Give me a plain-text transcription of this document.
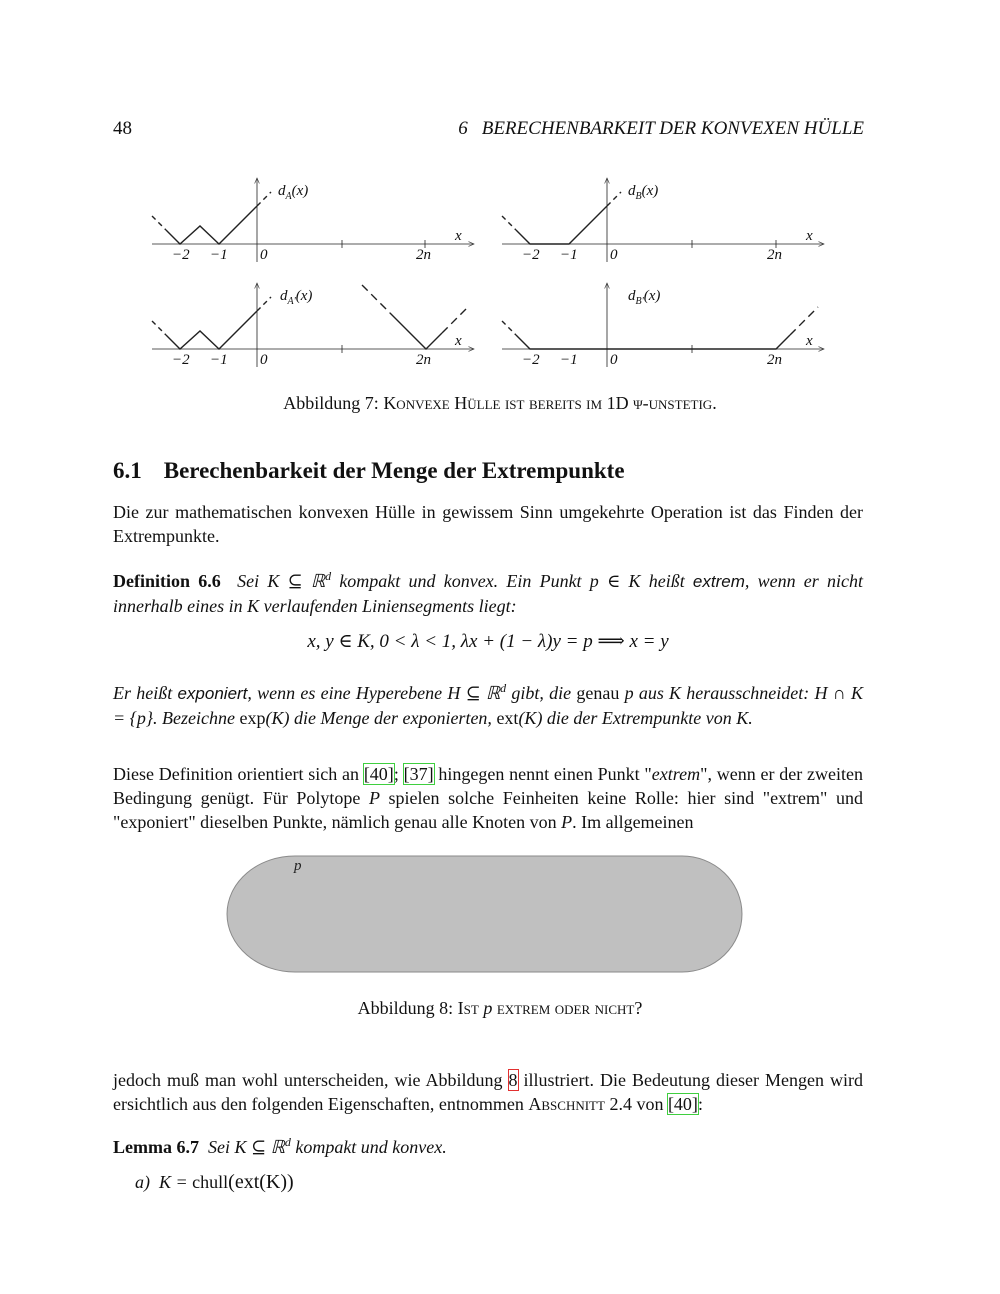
48	6 BERECHENBARKEIT DER KONVEXEN HÜLLE
$d_A(x)$	$d_B(x)$
$d_{A'}(x)$	$d_{B'}(x)$
x	x
x	x
−2 −1 0	2n	−2 −1 0	2n
−2 −1 0	2n	−2 −1 0	2n
Abbildung 7: Konvexe Hülle ist bereits im 1D ψ-unstetig.
6.1 Berechenbarkeit der Menge der Extrempunkte
Die zur mathematischen konvexen Hülle in gewissem Sinn umgekehrte Operation ist das Finden der Extrempunkte.
Definition 6.6 Sei K ⊆ ℝ$^d$ kompakt und konvex. Ein Punkt p ∈ K heißt extrem, wenn er nicht innerhalb eines in K verlaufenden Liniensegments liegt:
x, y ∈ K, 0 < λ < 1, λx + (1 − λ)y = p ⟹ x = y
Er heißt exponiert, wenn es eine Hyperebene H ⊆ ℝ$^d$ gibt, die genau p aus K herausschneidet: H ∩ K = {p}. Bezeichne exp(K) die Menge der exponierten, ext(K) die der Extrempunkte von K.
Diese Definition orientiert sich an [40]; [37] hingegen nennt einen Punkt "extrem", wenn er der zweiten Bedingung genügt. Für Polytope P spielen solche Feinheiten keine Rolle: hier sind "extrem" und "exponiert" dieselben Punkte, nämlich genau alle Knoten von P. Im allgemeinen
p
Abbildung 8: Ist p extrem oder nicht?
jedoch muß man wohl unterscheiden, wie Abbildung 8 illustriert. Die Bedeutung dieser Mengen wird ersichtlich aus den folgenden Eigenschaften, entnommen Abschnitt 2.4 von [40]:
Lemma 6.7 Sei K ⊆ ℝ$^d$ kompakt und konvex.
a) K = chull(ext(K))
